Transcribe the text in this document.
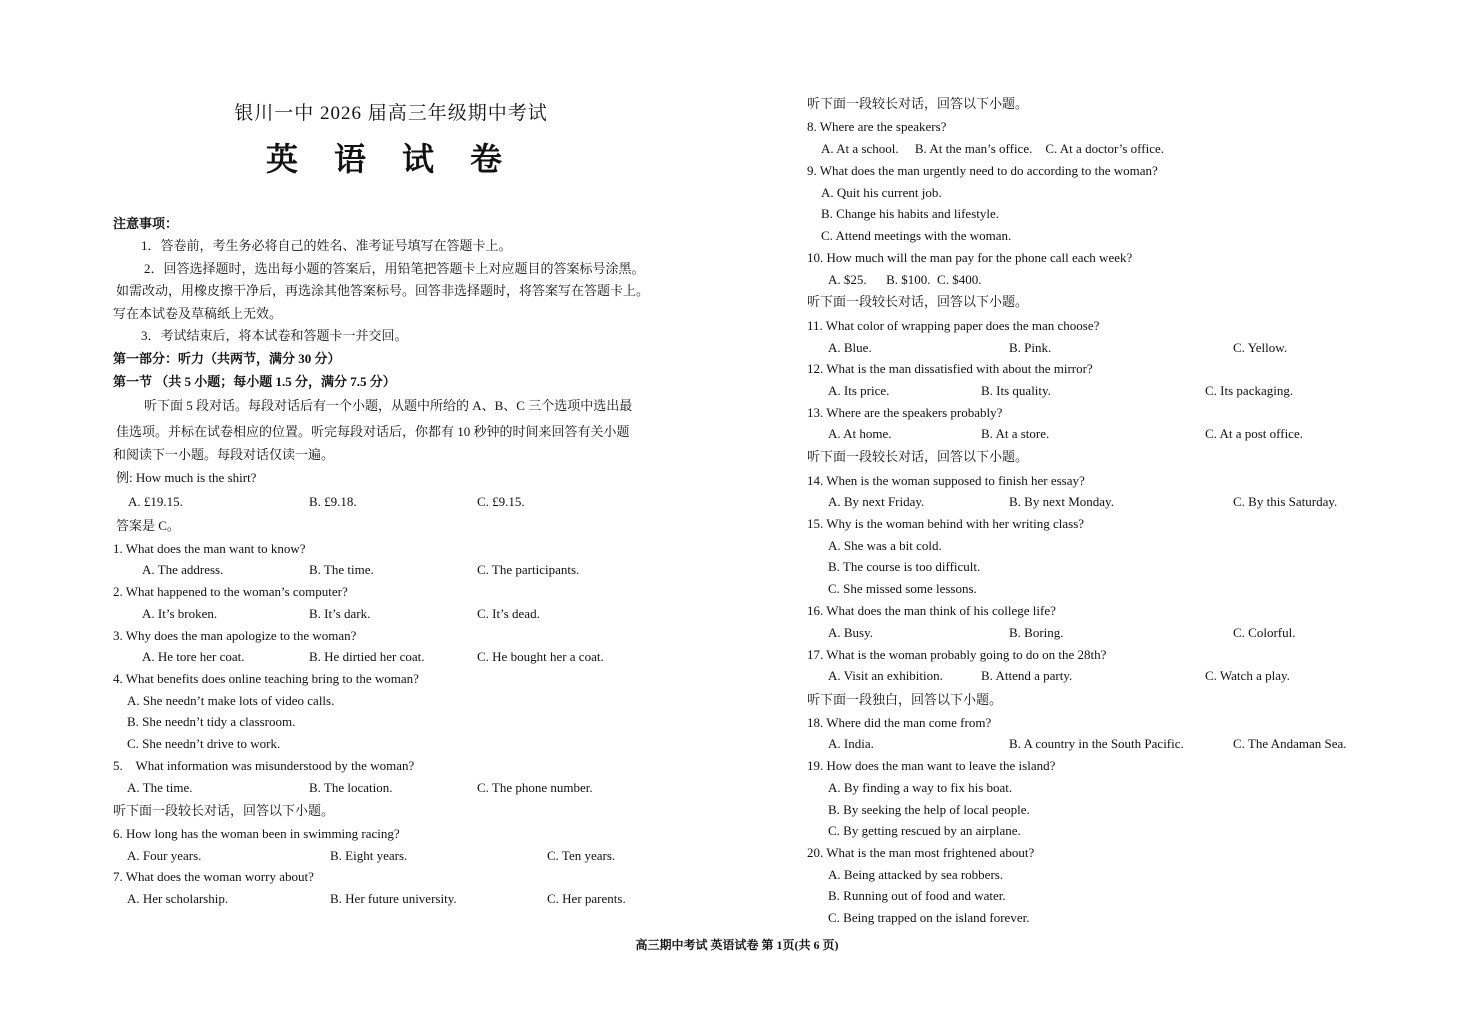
银川一中 2026 届高三年级期中考试
英 语 试 卷
注意事项：
1．答卷前，考生务必将自己的姓名、准考证号填写在答题卡上。
2．回答选择题时，选出每小题的答案后，用铅笔把答题卡上对应题目的答案标号涂黑。
如需改动，用橡皮擦干净后，再选涂其他答案标号。回答非选择题时，将答案写在答题卡上。
写在本试卷及草稿纸上无效。
3．考试结束后，将本试卷和答题卡一并交回。
第一部分：听力（共两节，满分 30 分）
第一节 （共 5 小题；每小题 1.5 分，满分 7.5 分）
听下面 5 段对话。每段对话后有一个小题，从题中所给的 A、B、C 三个选项中选出最
佳选项。并标在试卷相应的位置。听完每段对话后，你都有 10 秒钟的时间来回答有关小题
和阅读下一小题。每段对话仅读一遍。
例: How much is the shirt?
A. £19.15.	B. £9.18.	C. £9.15.
答案是 C。
1. What does the man want to know?
A. The address.	B. The time.	C. The participants.
2. What happened to the woman’s computer?
A. It’s broken.	B. It’s dark.	C. It’s dead.
3. Why does the man apologize to the woman?
A. He tore her coat.	B. He dirtied her coat.	C. He bought her a coat.
4. What benefits does online teaching bring to the woman?
A. She needn’t make lots of video calls.
B. She needn’t tidy a classroom.
C. She needn’t drive to work.
5.    What information was misunderstood by the woman?
A. The time.	B. The location.	C. The phone number.
听下面一段较长对话，回答以下小题。
6. How long has the woman been in swimming racing?
A. Four years.	B. Eight years.	C. Ten years.
7. What does the woman worry about?
A. Her scholarship.	B. Her future university.	C. Her parents.
听下面一段较长对话，回答以下小题。
8. Where are the speakers?
A. At a school.     B. At the man’s office.    C. At a doctor’s office.
9. What does the man urgently need to do according to the woman?
A. Quit his current job.
B. Change his habits and lifestyle.
C. Attend meetings with the woman.
10. How much will the man pay for the phone call each week?
A. $25.      B. $100.  C. $400.
听下面一段较长对话，回答以下小题。
11. What color of wrapping paper does the man choose?
A. Blue.	B. Pink.	C. Yellow.
12. What is the man dissatisfied with about the mirror?
A. Its price.	B. Its quality.	C. Its packaging.
13. Where are the speakers probably?
A. At home.	B. At a store.	C. At a post office.
听下面一段较长对话，回答以下小题。
14. When is the woman supposed to finish her essay?
A. By next Friday.	B. By next Monday.	C. By this Saturday.
15. Why is the woman behind with her writing class?
A. She was a bit cold.
B. The course is too difficult.
C. She missed some lessons.
16. What does the man think of his college life?
A. Busy.	B. Boring.	C. Colorful.
17. What is the woman probably going to do on the 28th?
A. Visit an exhibition.	B. Attend a party.	C. Watch a play.
听下面一段独白，回答以下小题。
18. Where did the man come from?
A. India.	B. A country in the South Pacific.	C. The Andaman Sea.
19. How does the man want to leave the island?
A. By finding a way to fix his boat.
B. By seeking the help of local people.
C. By getting rescued by an airplane.
20. What is the man most frightened about?
A. Being attacked by sea robbers.
B. Running out of food and water.
C. Being trapped on the island forever.
高三期中考试 英语试卷 第 1页(共 6 页)
